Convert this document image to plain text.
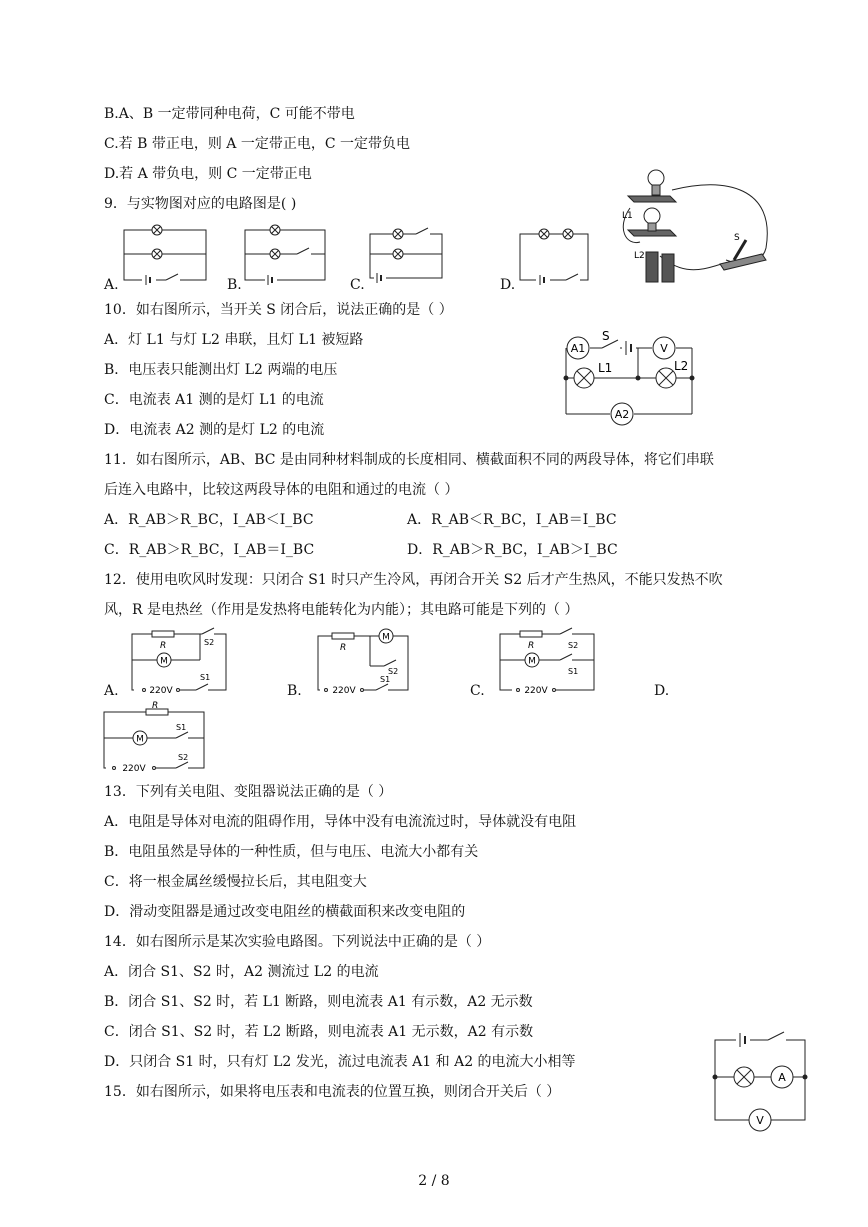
B.A、B 一定带同种电荷，C 可能不带电
C.若 B 带正电，则 A 一定带正电，C 一定带负电
D.若 A 带负电，则 C 一定带正电
9．与实物图对应的电路图是( )
A.	B.	C.	D.
L1
L2
S
10．如右图所示，当开关 S 闭合后，说法正确的是（ ）
A．灯 L1 与灯 L2 串联，且灯 L1 被短路
B．电压表只能测出灯 L2 两端的电压
C．电流表 A1 测的是灯 L1 的电流
D．电流表 A2 测的是灯 L2 的电流
A1	V
A2
S
L1	L2
11．如右图所示，AB、BC 是由同种材料制成的长度相同、横截面积不同的两段导体，将它们串联
后连入电路中，比较这两段导体的电阻和通过的电流（ ）
A．R_AB＞R_BC，I_AB＜I_BC	A．R_AB＜R_BC，I_AB＝I_BC
C．R_AB＞R_BC，I_AB＝I_BC	D．R_AB＞R_BC，I_AB＞I_BC
12．使用电吹风时发现：只闭合 S1 时只产生冷风，再闭合开关 S2 后才产生热风，不能只发热不吹
风，R 是电热丝（作用是发热将电能转化为内能）；其电路可能是下列的（ ）
A.	B.	C.	D.
M
220V
R	S2
S1
M
220V
R
S2
S1
M
220V
R	S2
S1
M
220V
R
S1
S2
13．下列有关电阻、变阻器说法正确的是（ ）
A．电阻是导体对电流的阻碍作用，导体中没有电流流过时，导体就没有电阻
B．电阻虽然是导体的一种性质，但与电压、电流大小都有关
C．将一根金属丝缓慢拉长后，其电阻变大
D．滑动变阻器是通过改变电阻丝的横截面积来改变电阻的
14．如右图所示是某次实验电路图。下列说法中正确的是（ ）
A．闭合 S1、S2 时，A2 测流过 L2 的电流
B．闭合 S1、S2 时，若 L1 断路，则电流表 A1 有示数，A2 无示数
C．闭合 S1、S2 时，若 L2 断路，则电流表 A1 无示数，A2 有示数
D．只闭合 S1 时，只有灯 L2 发光，流过电流表 A1 和 A2 的电流大小相等
15．如右图所示，如果将电压表和电流表的位置互换，则闭合开关后（ ）
A
V
2 / 8
